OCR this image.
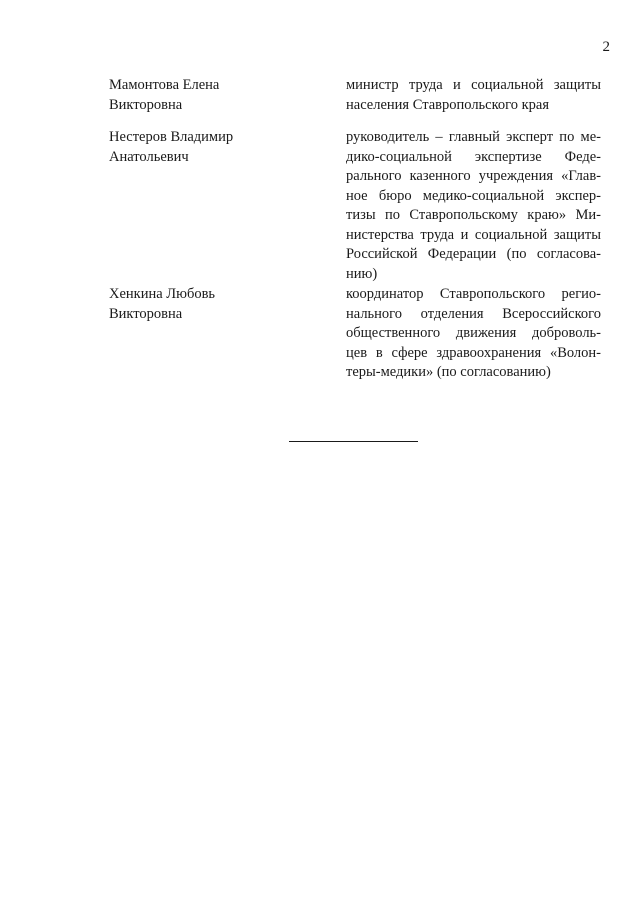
2
Мамонтова Елена
Викторовна
министр труда и социальной защиты
населения Ставропольского края
Нестеров Владимир
Анатольевич
руководитель – главный эксперт по ме-
дико-социальной экспертизе Феде-
рального казенного учреждения «Глав-
ное бюро медико-социальной экспер-
тизы по Ставропольскому краю» Ми-
нистерства труда и социальной защиты
Российской Федерации (по согласова-
нию)
Хенкина Любовь
Викторовна
координатор Ставропольского регио-
нального отделения Всероссийского
общественного движения доброволь-
цев в сфере здравоохранения «Волон-
теры-медики» (по согласованию)
